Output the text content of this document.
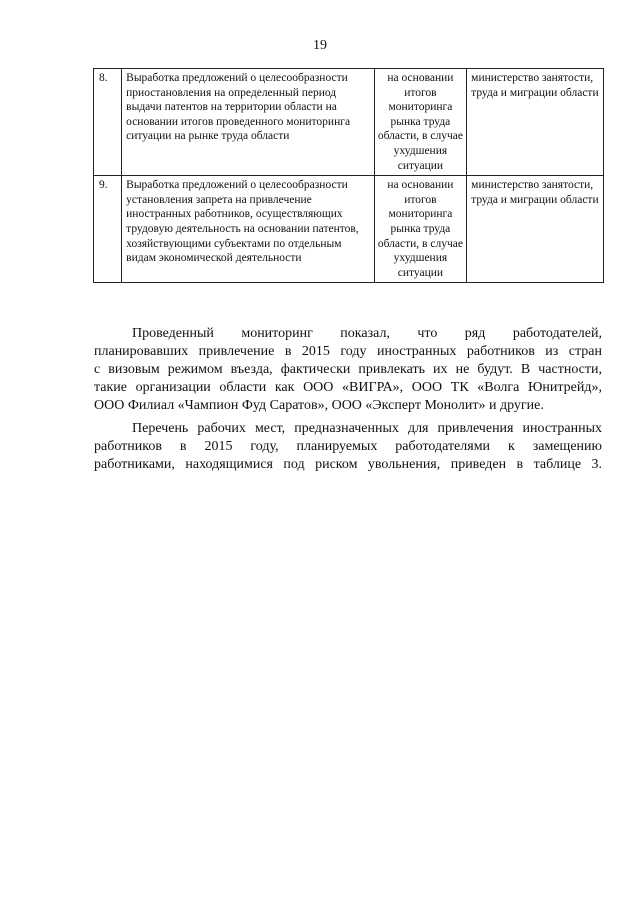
19
8.	Выработка предложений о целесообразности приостановления на определенный период выдачи патентов на территории области на основании итогов проведенного мониторинга ситуации на рынке труда области	на основании итогов мониторинга рынка труда области, в случае ухудшения ситуации	министерство занятости, труда и миграции области
9.	Выработка предложений о целесообразности установления запрета на привлечение иностранных работников, осуществляющих трудовую деятельность на основании патентов, хозяйствующими субъектами по отдельным видам экономической деятельности	на основании итогов мониторинга рынка труда области, в случае ухудшения ситуации	министерство занятости, труда и миграции области
Проведенный мониторинг показал, что ряд работодателей,
планировавших привлечение в 2015 году иностранных работников из стран
с визовым режимом въезда, фактически привлекать их не будут. В частности,
такие организации области как ООО «ВИГРА», ООО ТК «Волга Юнитрейд»,
ООО Филиал «Чампион Фуд Саратов», ООО «Эксперт Монолит» и другие.
Перечень рабочих мест, предназначенных для привлечения иностранных
работников в 2015 году, планируемых работодателями к замещению
работниками, находящимися под риском увольнения, приведен в таблице 3.
